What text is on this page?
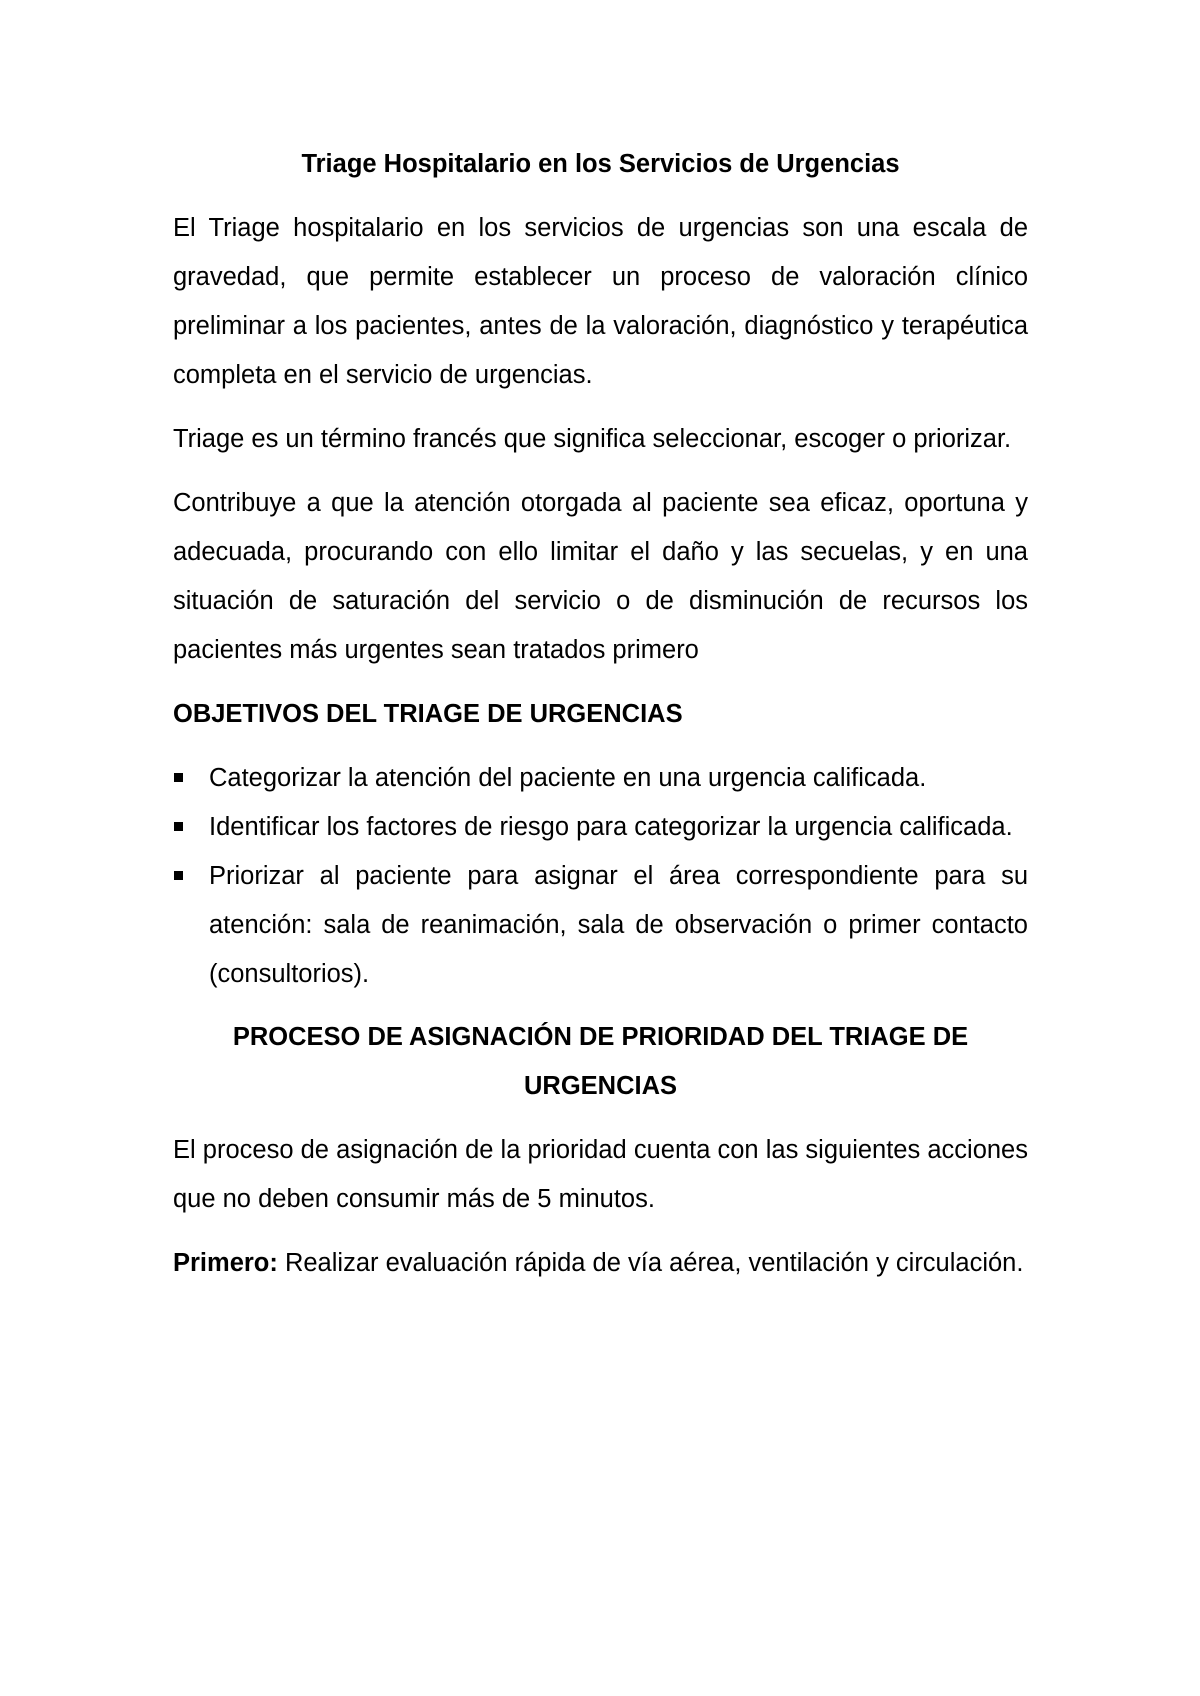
Triage Hospitalario en los Servicios de Urgencias

El Triage hospitalario en los servicios de urgencias son una escala de gravedad, que permite establecer un proceso de valoración clínico preliminar a los pacientes, antes de la valoración, diagnóstico y terapéutica completa en el servicio de urgencias.

Triage es un término francés que significa seleccionar, escoger o priorizar.

Contribuye a que la atención otorgada al paciente sea eficaz, oportuna y adecuada, procurando con ello limitar el daño y las secuelas, y en una situación de saturación del servicio o de disminución de recursos los pacientes más urgentes sean tratados primero

OBJETIVOS DEL TRIAGE DE URGENCIAS

Categorizar la atención del paciente en una urgencia calificada.
Identificar los factores de riesgo para categorizar la urgencia calificada.
Priorizar al paciente para asignar el área correspondiente para su atención: sala de reanimación, sala de observación o primer contacto (consultorios).

PROCESO DE ASIGNACIÓN DE PRIORIDAD DEL TRIAGE DE URGENCIAS

El proceso de asignación de la prioridad cuenta con las siguientes acciones que no deben consumir más de 5 minutos.

Primero: Realizar evaluación rápida de vía aérea, ventilación y circulación.
